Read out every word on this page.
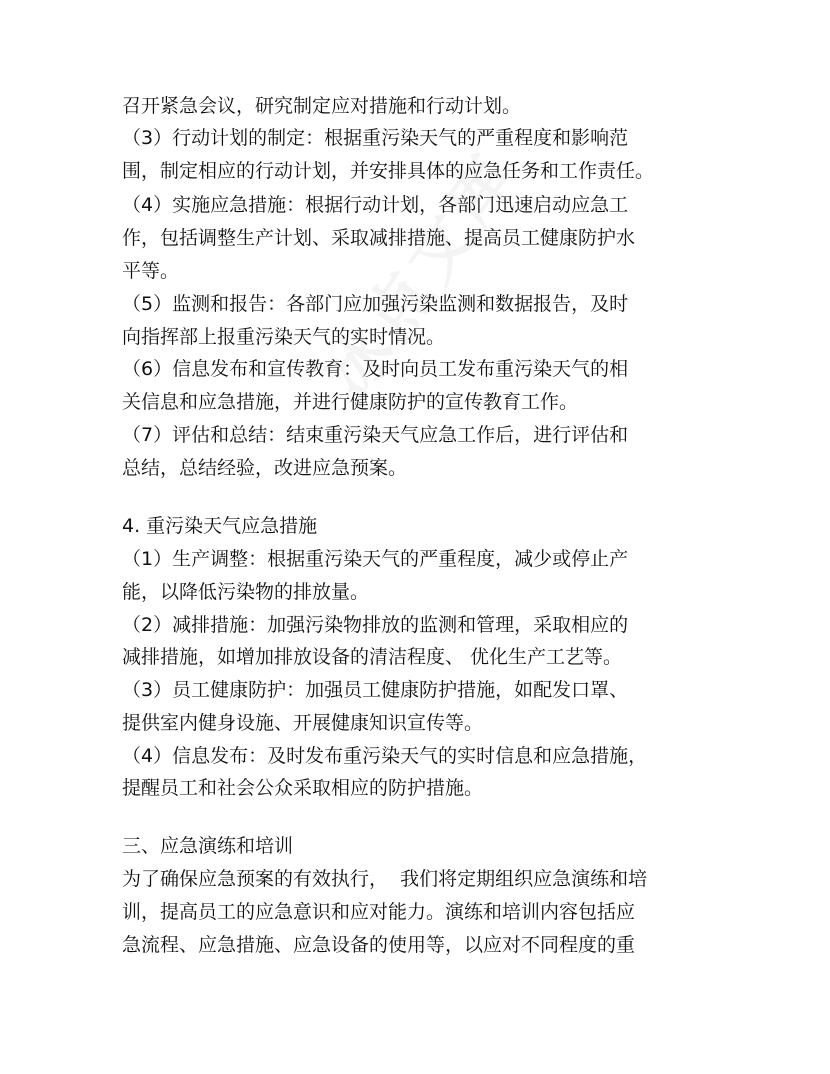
召开紧急会议，研究制定应对措施和行动计划。
（3）行动计划的制定：根据重污染天气的严重程度和影响范
围，制定相应的行动计划，并安排具体的应急任务和工作责任。
（4）实施应急措施：根据行动计划，各部门迅速启动应急工
作，包括调整生产计划、采取减排措施、提高员工健康防护水
平等。
（5）监测和报告：各部门应加强污染监测和数据报告，及时
向指挥部上报重污染天气的实时情况。
（6）信息发布和宣传教育：及时向员工发布重污染天气的相
关信息和应急措施，并进行健康防护的宣传教育工作。
（7）评估和总结：结束重污染天气应急工作后，进行评估和
总结，总结经验，改进应急预案。
4. 重污染天气应急措施
（1）生产调整：根据重污染天气的严重程度，减少或停止产
能，以降低污染物的排放量。
（2）减排措施：加强污染物排放的监测和管理，采取相应的
减排措施，如增加排放设备的清洁程度、 优化生产工艺等。
（3）员工健康防护：加强员工健康防护措施，如配发口罩、
提供室内健身设施、开展健康知识宣传等。
（4）信息发布：及时发布重污染天气的实时信息和应急措施，
提醒员工和社会公众采取相应的防护措施。
三、应急演练和培训
为了确保应急预案的有效执行，  我们将定期组织应急演练和培
训，提高员工的应急意识和应对能力。演练和培训内容包括应
急流程、应急措施、应急设备的使用等，以应对不同程度的重
